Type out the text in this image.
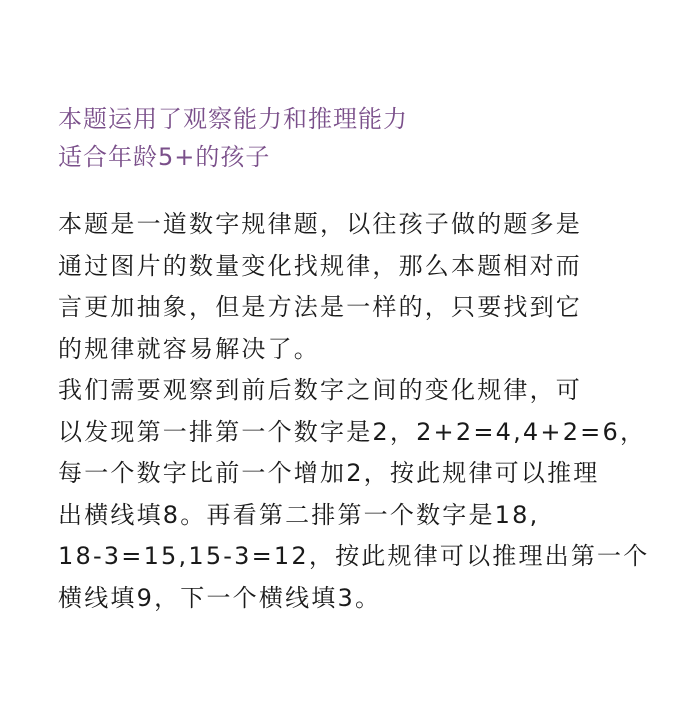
本题运用了观察能力和推理能力
适合年龄5+的孩子
本题是一道数字规律题，以往孩子做的题多是
通过图片的数量变化找规律，那么本题相对而
言更加抽象，但是方法是一样的，只要找到它
的规律就容易解决了。
我们需要观察到前后数字之间的变化规律，可
以发现第一排第一个数字是2，2+2=4,4+2=6，
每一个数字比前一个增加2，按此规律可以推理
出横线填8。再看第二排第一个数字是18,
18-3=15,15-3=12，按此规律可以推理出第一个
横线填9，下一个横线填3。
